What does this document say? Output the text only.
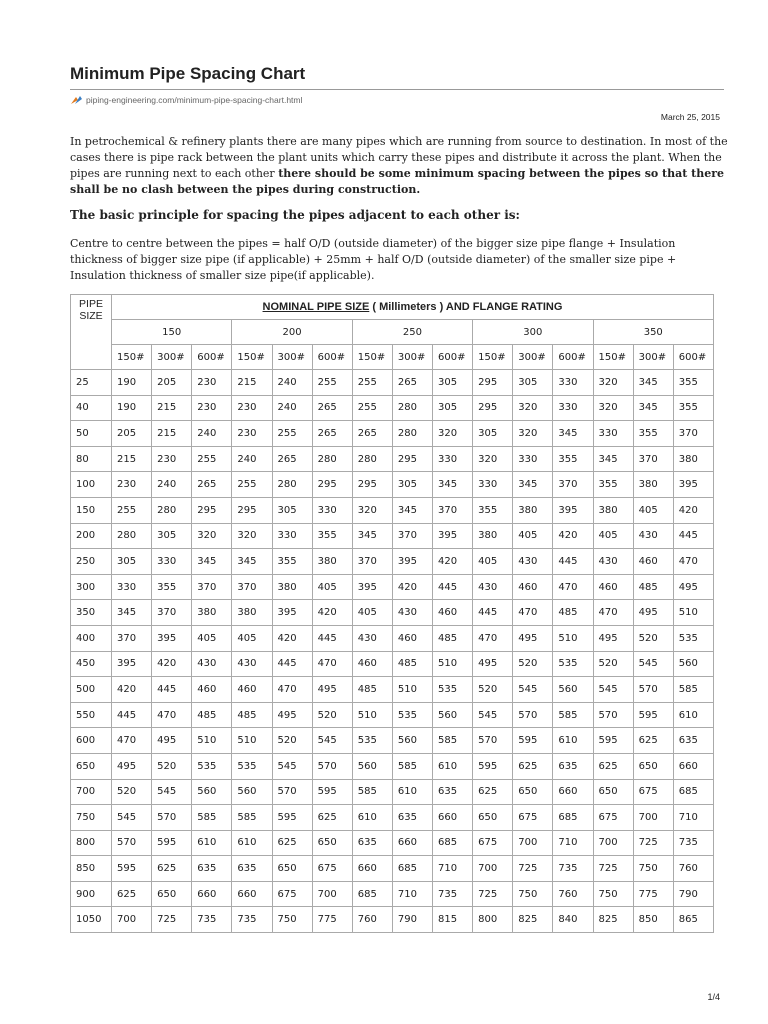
Minimum Pipe Spacing Chart
piping-engineering.com/minimum-pipe-spacing-chart.html
March 25, 2015
In petrochemical & refinery plants there are many pipes which are running from source to destination. In most of the cases there is pipe rack between the plant units which carry these pipes and distribute it across the plant. When the pipes are running next to each other there should be some minimum spacing between the pipes so that there shall be no clash between the pipes during construction.
The basic principle for spacing the pipes adjacent to each other is:
Centre to centre between the pipes = half O/D (outside diameter) of the bigger size pipe flange + Insulation thickness of bigger size pipe (if applicable) + 25mm + half O/D (outside diameter) of the smaller size pipe + Insulation thickness of smaller size pipe(if applicable).
PIPE
SIZE	NOMINAL PIPE SIZE ( Millimeters ) AND FLANGE RATING														
	150			200			250			300			350		
	150#	300#	600#	150#	300#	600#	150#	300#	600#	150#	300#	600#	150#	300#	600#
25	190	205	230	215	240	255	255	265	305	295	305	330	320	345	355
40	190	215	230	230	240	265	255	280	305	295	320	330	320	345	355
50	205	215	240	230	255	265	265	280	320	305	320	345	330	355	370
80	215	230	255	240	265	280	280	295	330	320	330	355	345	370	380
100	230	240	265	255	280	295	295	305	345	330	345	370	355	380	395
150	255	280	295	295	305	330	320	345	370	355	380	395	380	405	420
200	280	305	320	320	330	355	345	370	395	380	405	420	405	430	445
250	305	330	345	345	355	380	370	395	420	405	430	445	430	460	470
300	330	355	370	370	380	405	395	420	445	430	460	470	460	485	495
350	345	370	380	380	395	420	405	430	460	445	470	485	470	495	510
400	370	395	405	405	420	445	430	460	485	470	495	510	495	520	535
450	395	420	430	430	445	470	460	485	510	495	520	535	520	545	560
500	420	445	460	460	470	495	485	510	535	520	545	560	545	570	585
550	445	470	485	485	495	520	510	535	560	545	570	585	570	595	610
600	470	495	510	510	520	545	535	560	585	570	595	610	595	625	635
650	495	520	535	535	545	570	560	585	610	595	625	635	625	650	660
700	520	545	560	560	570	595	585	610	635	625	650	660	650	675	685
750	545	570	585	585	595	625	610	635	660	650	675	685	675	700	710
800	570	595	610	610	625	650	635	660	685	675	700	710	700	725	735
850	595	625	635	635	650	675	660	685	710	700	725	735	725	750	760
900	625	650	660	660	675	700	685	710	735	725	750	760	750	775	790
1050	700	725	735	735	750	775	760	790	815	800	825	840	825	850	865
1/4
